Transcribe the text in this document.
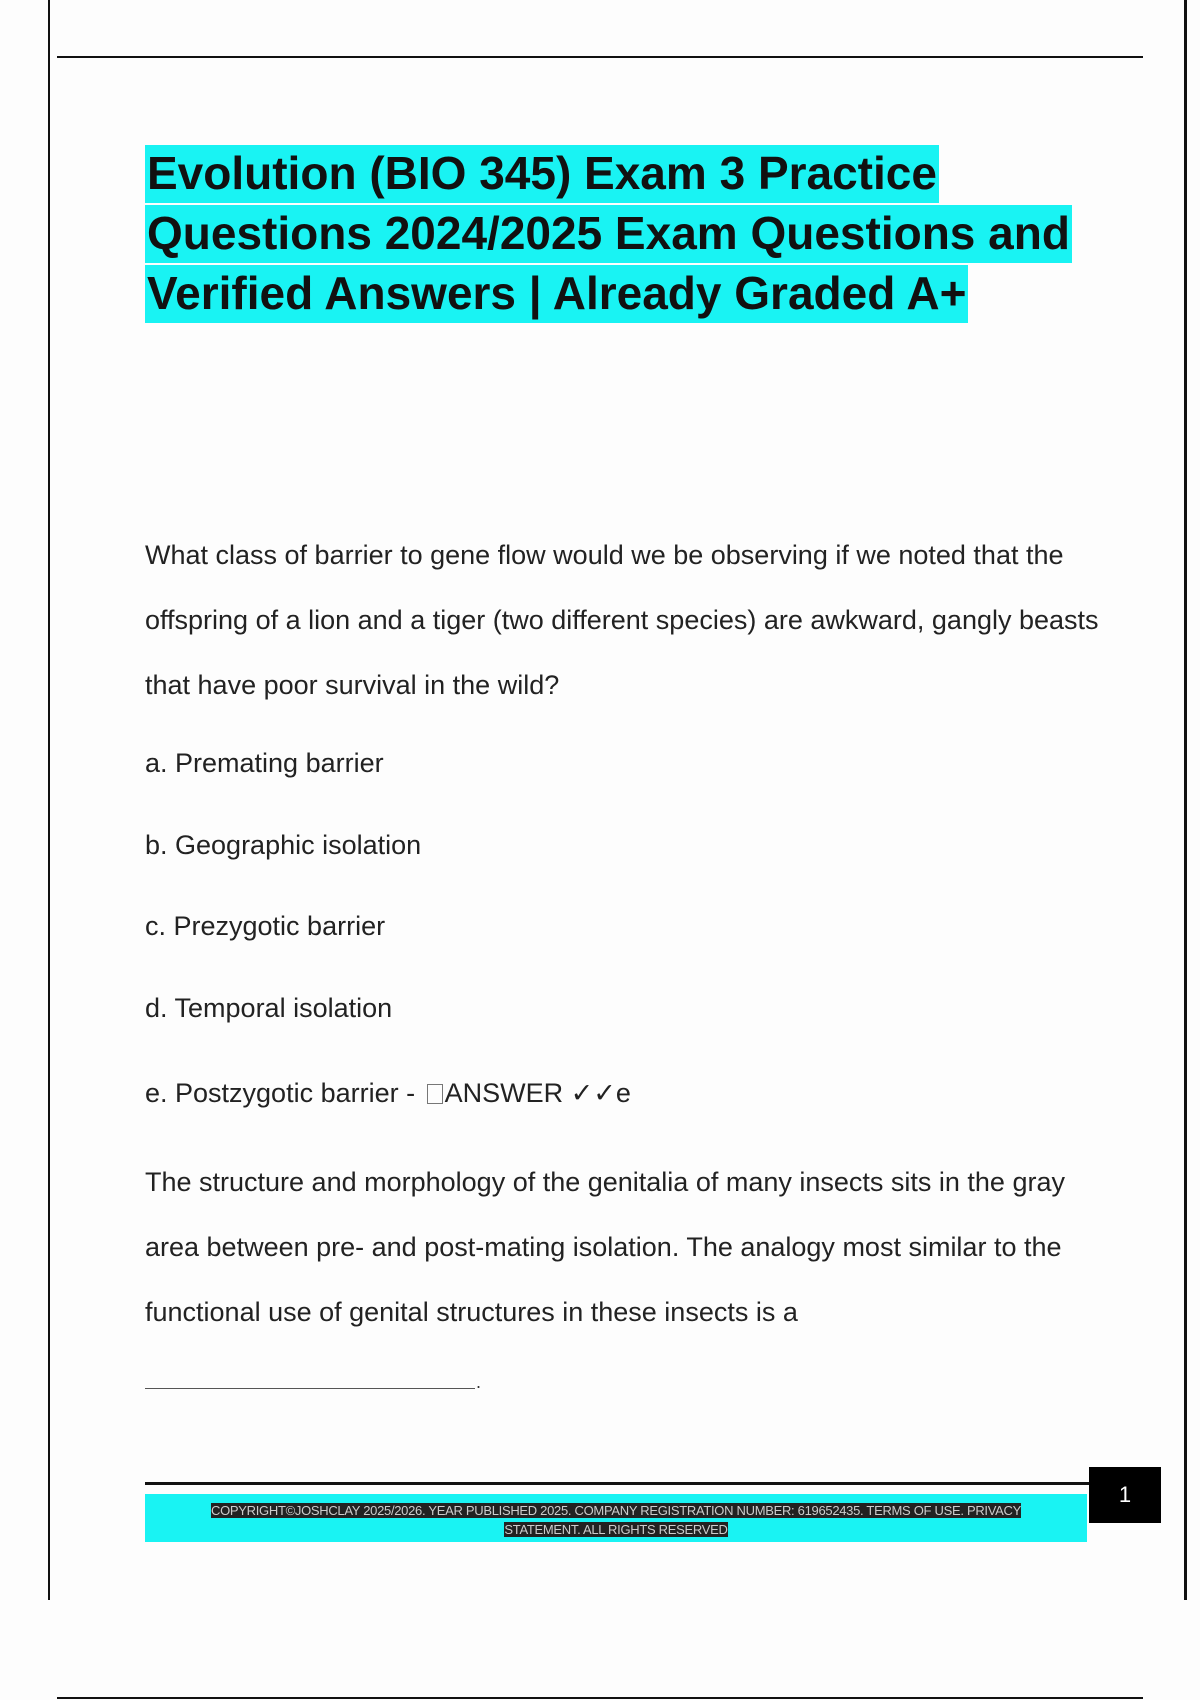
Evolution (BIO 345) Exam 3 Practice Questions 2024/2025 Exam Questions and Verified Answers | Already Graded A+

What class of barrier to gene flow would we be observing if we noted that the offspring of a lion and a tiger (two different species) are awkward, gangly beasts that have poor survival in the wild?

a. Premating barrier

b. Geographic isolation

c. Prezygotic barrier

d. Temporal isolation

e. Postzygotic barrier - ANSWER ✓✓e

The structure and morphology of the genitalia of many insects sits in the gray area between pre- and post-mating isolation. The analogy most similar to the functional use of genital structures in these insects is a

.
COPYRIGHT©JOSHCLAY 2025/2026. YEAR PUBLISHED 2025. COMPANY REGISTRATION NUMBER: 619652435. TERMS OF USE. PRIVACY
STATEMENT. ALL RIGHTS RESERVED
1
